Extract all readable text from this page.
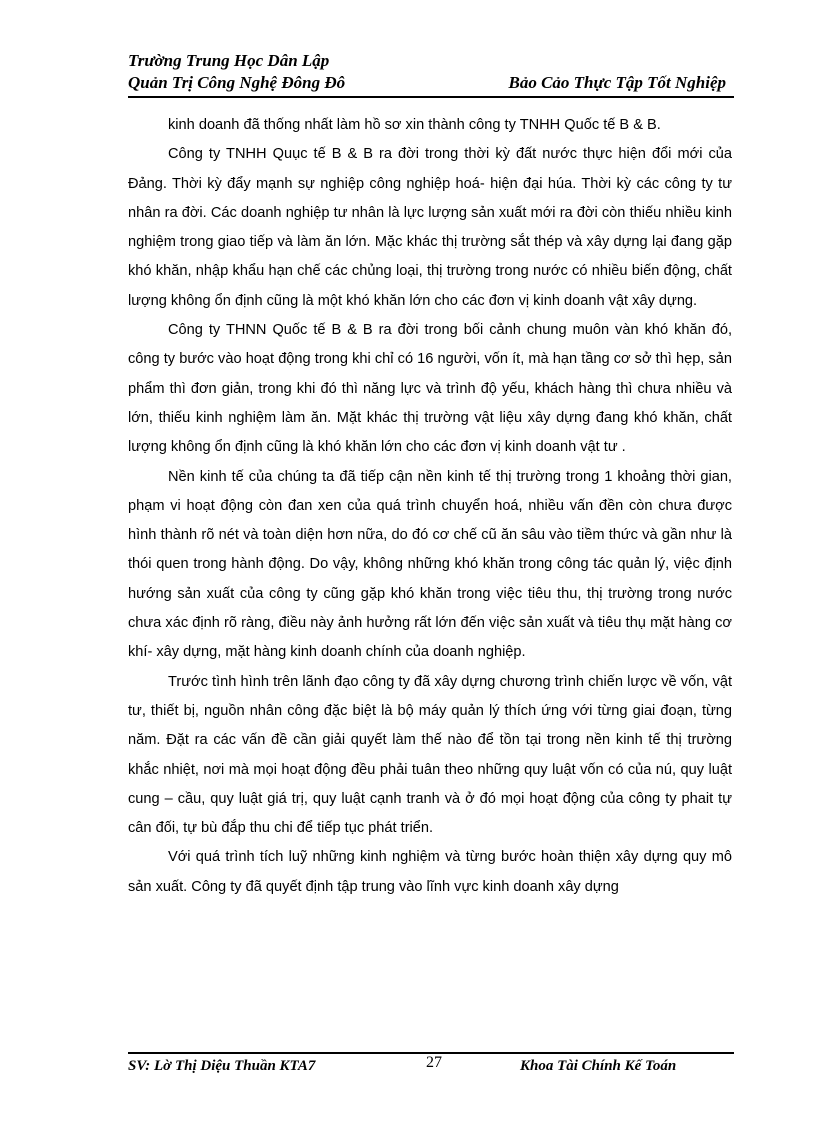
Trường Trung Học Dân Lập
Quản Trị Công Nghệ Đông Đô	Bảo Cảo Thực Tập Tốt Nghiệp

kinh doanh đã thống nhất làm hồ sơ xin thành công ty TNHH Quốc tế B & B.

Công ty TNHH Quục tế B & B ra đời trong thời kỳ đất nước thực hiện đổi mới của Đảng. Thời kỳ đẩy mạnh sự nghiệp công nghiệp hoá- hiện đại húa. Thời kỳ các công ty tư nhân ra đời. Các doanh nghiệp tư nhân là lực lượng sản xuất mới ra đời còn thiếu nhiều kinh nghiệm trong giao tiếp và làm ăn lớn. Mặc khác thị trường sắt thép và xây dựng lại đang gặp khó khăn, nhập khẩu hạn chế các chủng loại, thị trường trong nước có nhiều biến động, chất lượng không ổn định cũng là một khó khăn lớn cho các đơn vị kinh doanh vật xây dựng.

Công ty THNN Quốc tế B & B ra đời trong bối cảnh chung muôn vàn khó khăn đó, công ty bước vào hoạt động trong khi chỉ có 16 người, vốn ít, mà hạn tầng cơ sở thì hẹp, sản phẩm thì đơn giản, trong khi đó thì năng lực và trình độ yếu, khách hàng thì chưa nhiều và lớn, thiếu kinh nghiệm làm ăn. Mặt khác thị trường vật liệu xây dựng đang khó khăn, chất lượng không ổn định cũng là khó khăn lớn cho các đơn vị kinh doanh vật tư .

Nền kinh tế của chúng ta đã tiếp cận nền kinh tế thị trường trong 1 khoảng thời gian, phạm vi hoạt động còn đan xen của quá trình chuyển hoá, nhiều vấn đền còn chưa được hình thành rõ nét và toàn diện hơn nữa, do đó cơ chế cũ ăn sâu vào tiềm thức và gần như là thói quen trong hành động. Do vậy, không những khó khăn trong công tác quản lý, việc định hướng sản xuất của công ty cũng gặp khó khăn trong việc tiêu thu, thị trường trong nước chưa xác định rõ ràng, điều này ảnh hưởng rất lớn đến việc sản xuất và tiêu thụ mặt hàng cơ khí- xây dựng, mặt hàng kinh doanh chính của doanh nghiệp.

Trước tình hình trên lãnh đạo công ty đã xây dựng chương trình chiến lược về vốn, vật tư, thiết bị, nguồn nhân công đặc biệt là bộ máy quản lý thích ứng với từng giai đoạn, từng năm. Đặt ra các vấn đề cần giải quyết làm thế nào để tồn tại trong nền kinh tế thị trường khắc nhiệt, nơi mà mọi hoạt động đều phải tuân theo những quy luật vốn có của nú, quy luật cung – cầu, quy luật giá trị, quy luật cạnh tranh và ở đó mọi hoạt động của công ty phait tự cân đối, tự bù đắp thu chi để tiếp tục phát triển.

Với quá trình tích luỹ những kinh nghiệm và từng bước hoàn thiện xây dựng quy mô sản xuất. Công ty đã quyết định tập trung vào lĩnh vực kinh doanh xây dựng

SV: Lờ Thị Diệu Thuần KTA7	27	Khoa Tài Chính Kế Toán
